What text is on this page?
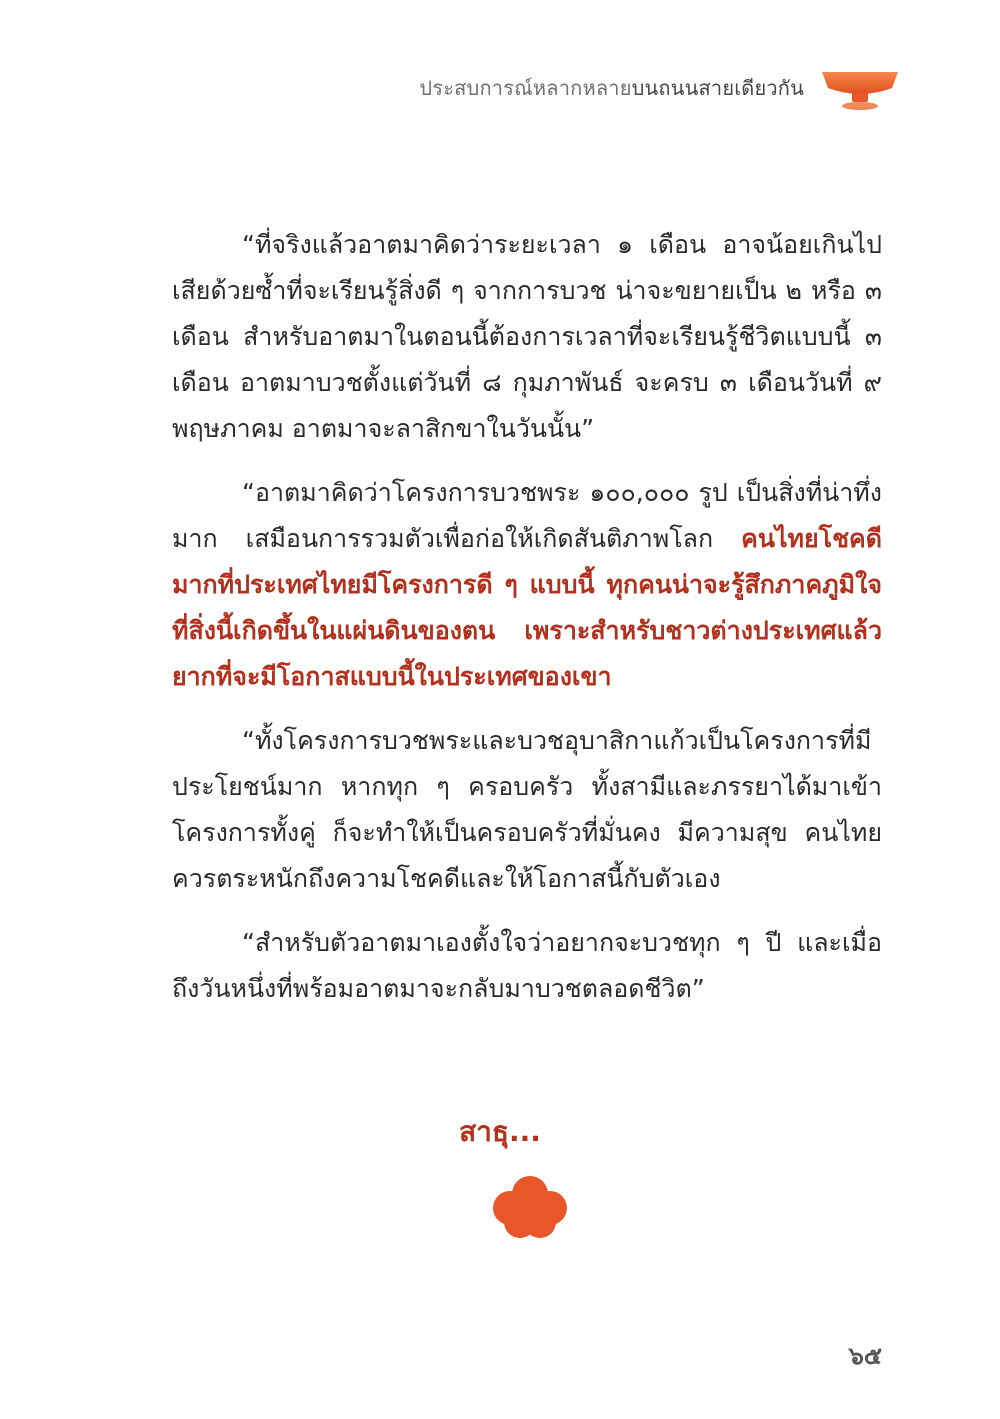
ประสบการณ์หลากหลายบนถนนสายเดียวกัน

“ที่จริงแล้วอาตมาคิดว่าระยะเวลา ๑ เดือน อาจน้อยเกินไปเสียด้วยซ้ำที่จะเรียนรู้สิ่งดี ๆ จากการบวช น่าจะขยายเป็น ๒ หรือ ๓ เดือน สำหรับอาตมาในตอนนี้ต้องการเวลาที่จะเรียนรู้ชีวิตแบบนี้ ๓ เดือน อาตมาบวชตั้งแต่วันที่ ๘ กุมภาพันธ์ จะครบ ๓ เดือนวันที่ ๙ พฤษภาคม อาตมาจะลาสิกขาในวันนั้น”

“อาตมาคิดว่าโครงการบวชพระ ๑๐๐,๐๐๐ รูป เป็นสิ่งที่น่าทึ่งมาก เสมือนการรวมตัวเพื่อก่อให้เกิดสันติภาพโลก คนไทยโชคดีมากที่ประเทศไทยมีโครงการดี ๆ แบบนี้ ทุกคนน่าจะรู้สึกภาคภูมิใจที่สิ่งนี้เกิดขึ้นในแผ่นดินของตน เพราะสำหรับชาวต่างประเทศแล้วยากที่จะมีโอกาสแบบนี้ในประเทศของเขา

“ทั้งโครงการบวชพระและบวชอุบาสิกาแก้วเป็นโครงการที่มีประโยชน์มาก หากทุก ๆ ครอบครัว ทั้งสามีและภรรยาได้มาเข้าโครงการทั้งคู่ ก็จะทำให้เป็นครอบครัวที่มั่นคง มีความสุข คนไทยควรตระหนักถึงความโชคดีและให้โอกาสนี้กับตัวเอง

“สำหรับตัวอาตมาเองตั้งใจว่าอยากจะบวชทุก ๆ ปี และเมื่อถึงวันหนึ่งที่พร้อมอาตมาจะกลับมาบวชตลอดชีวิต”

สาธุ...
๖๕
